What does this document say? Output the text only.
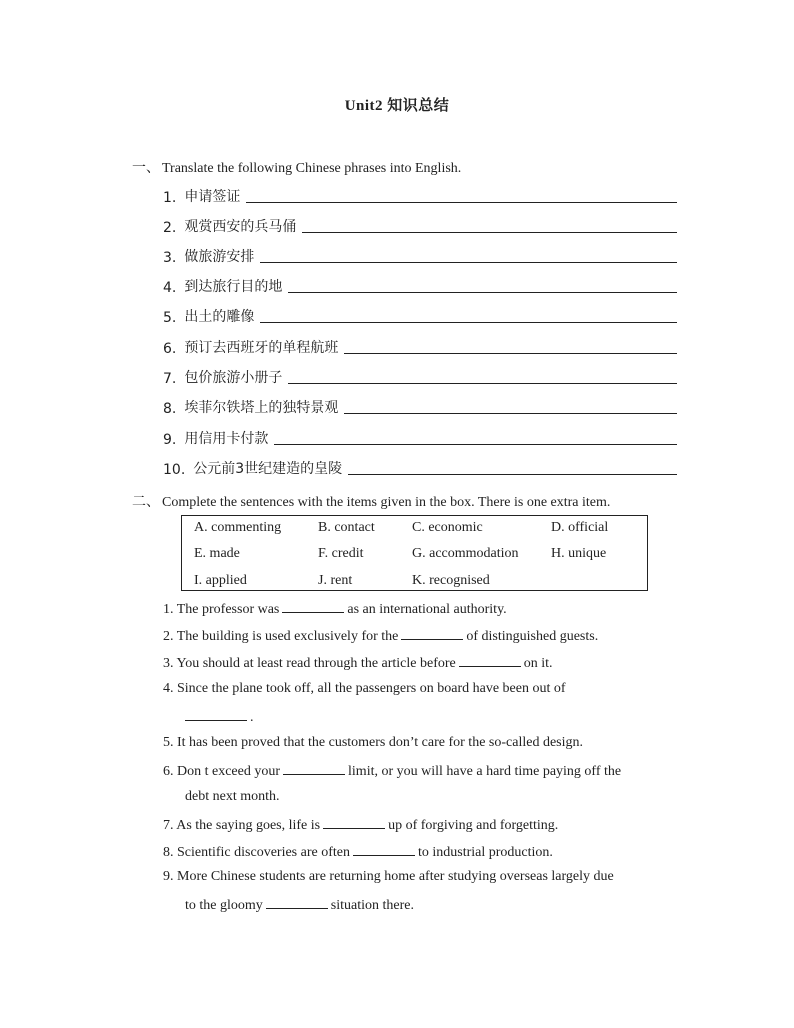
Unit2 知识总结
一、 Translate the following Chinese phrases into English.
1. 申请签证
2. 观赏西安的兵马俑
3. 做旅游安排
4. 到达旅行目的地
5. 出土的雕像
6. 预订去西班牙的单程航班
7. 包价旅游小册子
8. 埃菲尔铁塔上的独特景观
9. 用信用卡付款
10. 公元前3世纪建造的皇陵
二、 Complete the sentences with the items given in the box. There is one extra item.
A. commenting	B. contact	C. economic	D. official
E. made	F. credit	G. accommodation H. unique
I. applied	J. rent	K. recognised
1. The professor was	as an international authority.
2. The building is used exclusively for the	of distinguished guests.
3. You should at least read through the article before	on it.
4. Since the plane took off, all the passengers on board have been out of
.
5. It has been proved that the customers don’t care for the so-called design.
6. Don t exceed your	limit, or you will have a hard time paying off the
debt next month.
7. As the saying goes, life is	up of forgiving and forgetting.
8. Scientific discoveries are often	to industrial production.
9. More Chinese students are returning home after studying overseas largely due
to the gloomy	situation there.
